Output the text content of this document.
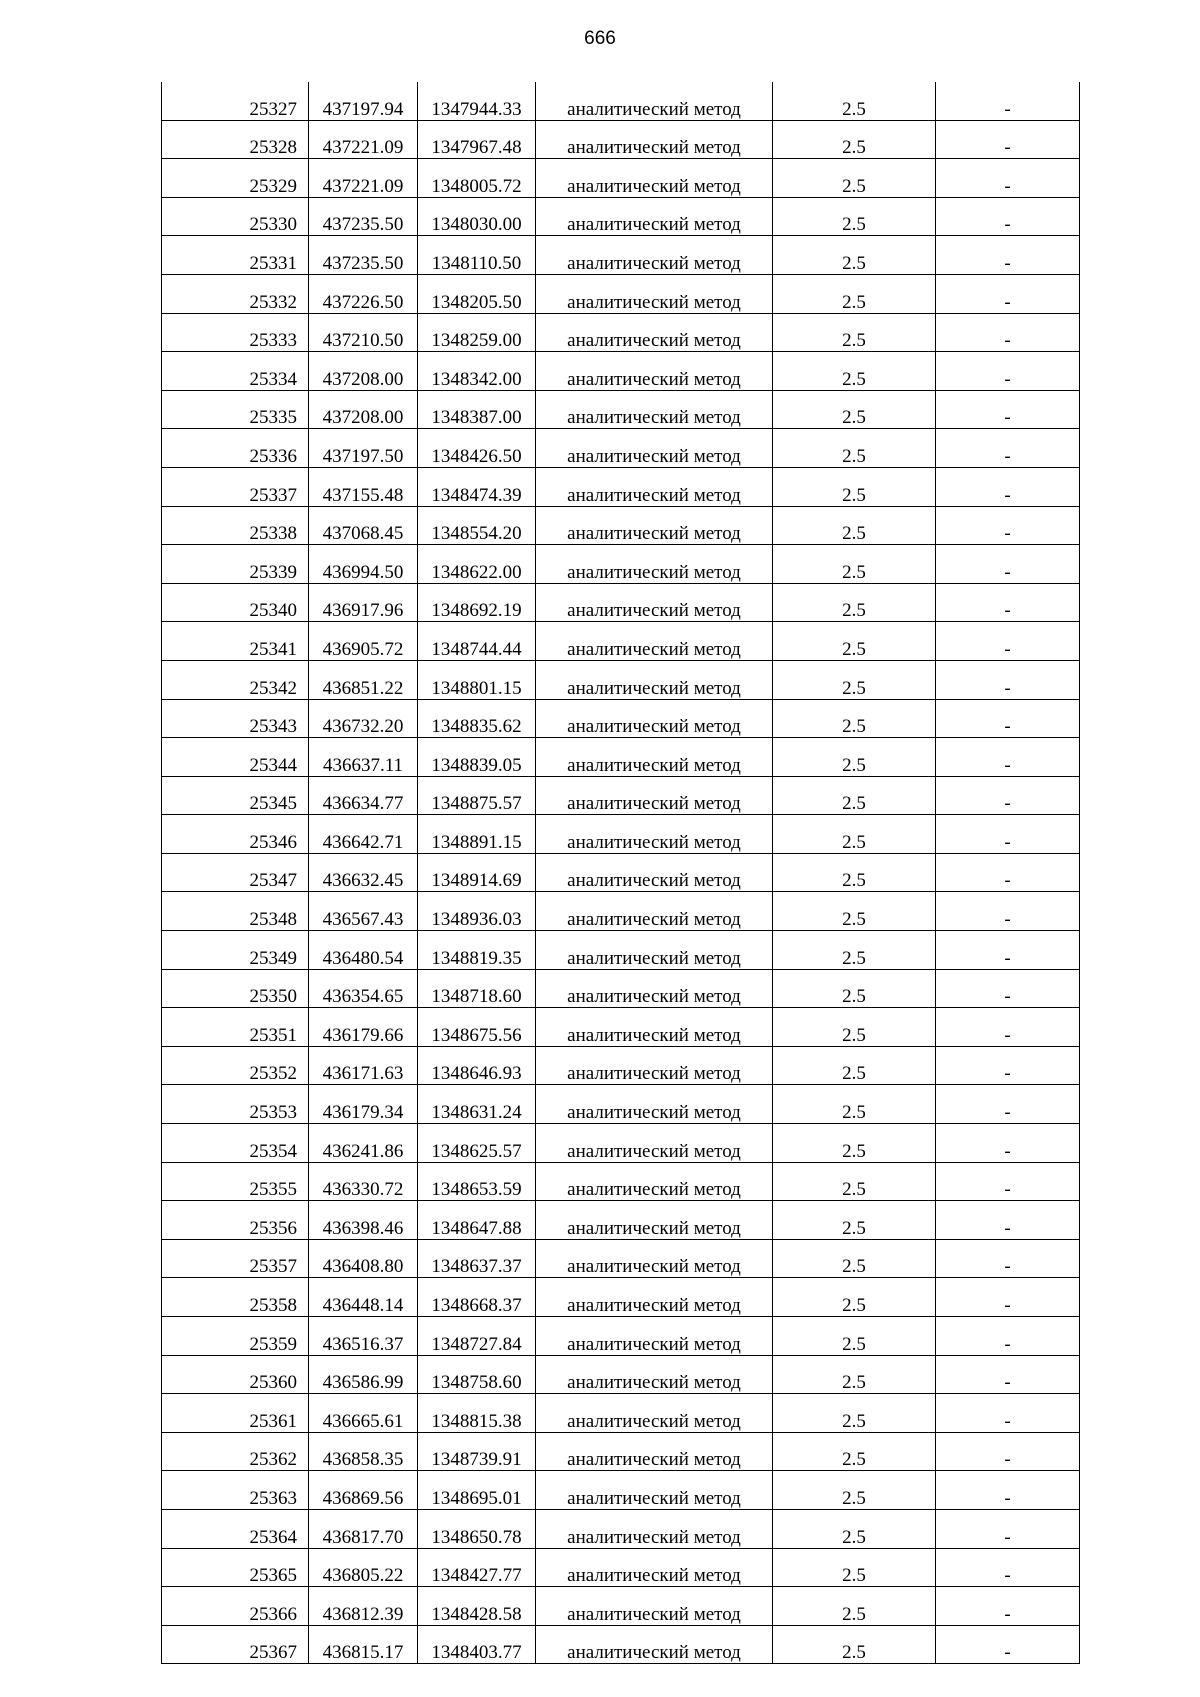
666
25327	437197.94	1347944.33	аналитический метод	2.5	-
25328	437221.09	1347967.48	аналитический метод	2.5	-
25329	437221.09	1348005.72	аналитический метод	2.5	-
25330	437235.50	1348030.00	аналитический метод	2.5	-
25331	437235.50	1348110.50	аналитический метод	2.5	-
25332	437226.50	1348205.50	аналитический метод	2.5	-
25333	437210.50	1348259.00	аналитический метод	2.5	-
25334	437208.00	1348342.00	аналитический метод	2.5	-
25335	437208.00	1348387.00	аналитический метод	2.5	-
25336	437197.50	1348426.50	аналитический метод	2.5	-
25337	437155.48	1348474.39	аналитический метод	2.5	-
25338	437068.45	1348554.20	аналитический метод	2.5	-
25339	436994.50	1348622.00	аналитический метод	2.5	-
25340	436917.96	1348692.19	аналитический метод	2.5	-
25341	436905.72	1348744.44	аналитический метод	2.5	-
25342	436851.22	1348801.15	аналитический метод	2.5	-
25343	436732.20	1348835.62	аналитический метод	2.5	-
25344	436637.11	1348839.05	аналитический метод	2.5	-
25345	436634.77	1348875.57	аналитический метод	2.5	-
25346	436642.71	1348891.15	аналитический метод	2.5	-
25347	436632.45	1348914.69	аналитический метод	2.5	-
25348	436567.43	1348936.03	аналитический метод	2.5	-
25349	436480.54	1348819.35	аналитический метод	2.5	-
25350	436354.65	1348718.60	аналитический метод	2.5	-
25351	436179.66	1348675.56	аналитический метод	2.5	-
25352	436171.63	1348646.93	аналитический метод	2.5	-
25353	436179.34	1348631.24	аналитический метод	2.5	-
25354	436241.86	1348625.57	аналитический метод	2.5	-
25355	436330.72	1348653.59	аналитический метод	2.5	-
25356	436398.46	1348647.88	аналитический метод	2.5	-
25357	436408.80	1348637.37	аналитический метод	2.5	-
25358	436448.14	1348668.37	аналитический метод	2.5	-
25359	436516.37	1348727.84	аналитический метод	2.5	-
25360	436586.99	1348758.60	аналитический метод	2.5	-
25361	436665.61	1348815.38	аналитический метод	2.5	-
25362	436858.35	1348739.91	аналитический метод	2.5	-
25363	436869.56	1348695.01	аналитический метод	2.5	-
25364	436817.70	1348650.78	аналитический метод	2.5	-
25365	436805.22	1348427.77	аналитический метод	2.5	-
25366	436812.39	1348428.58	аналитический метод	2.5	-
25367	436815.17	1348403.77	аналитический метод	2.5	-
